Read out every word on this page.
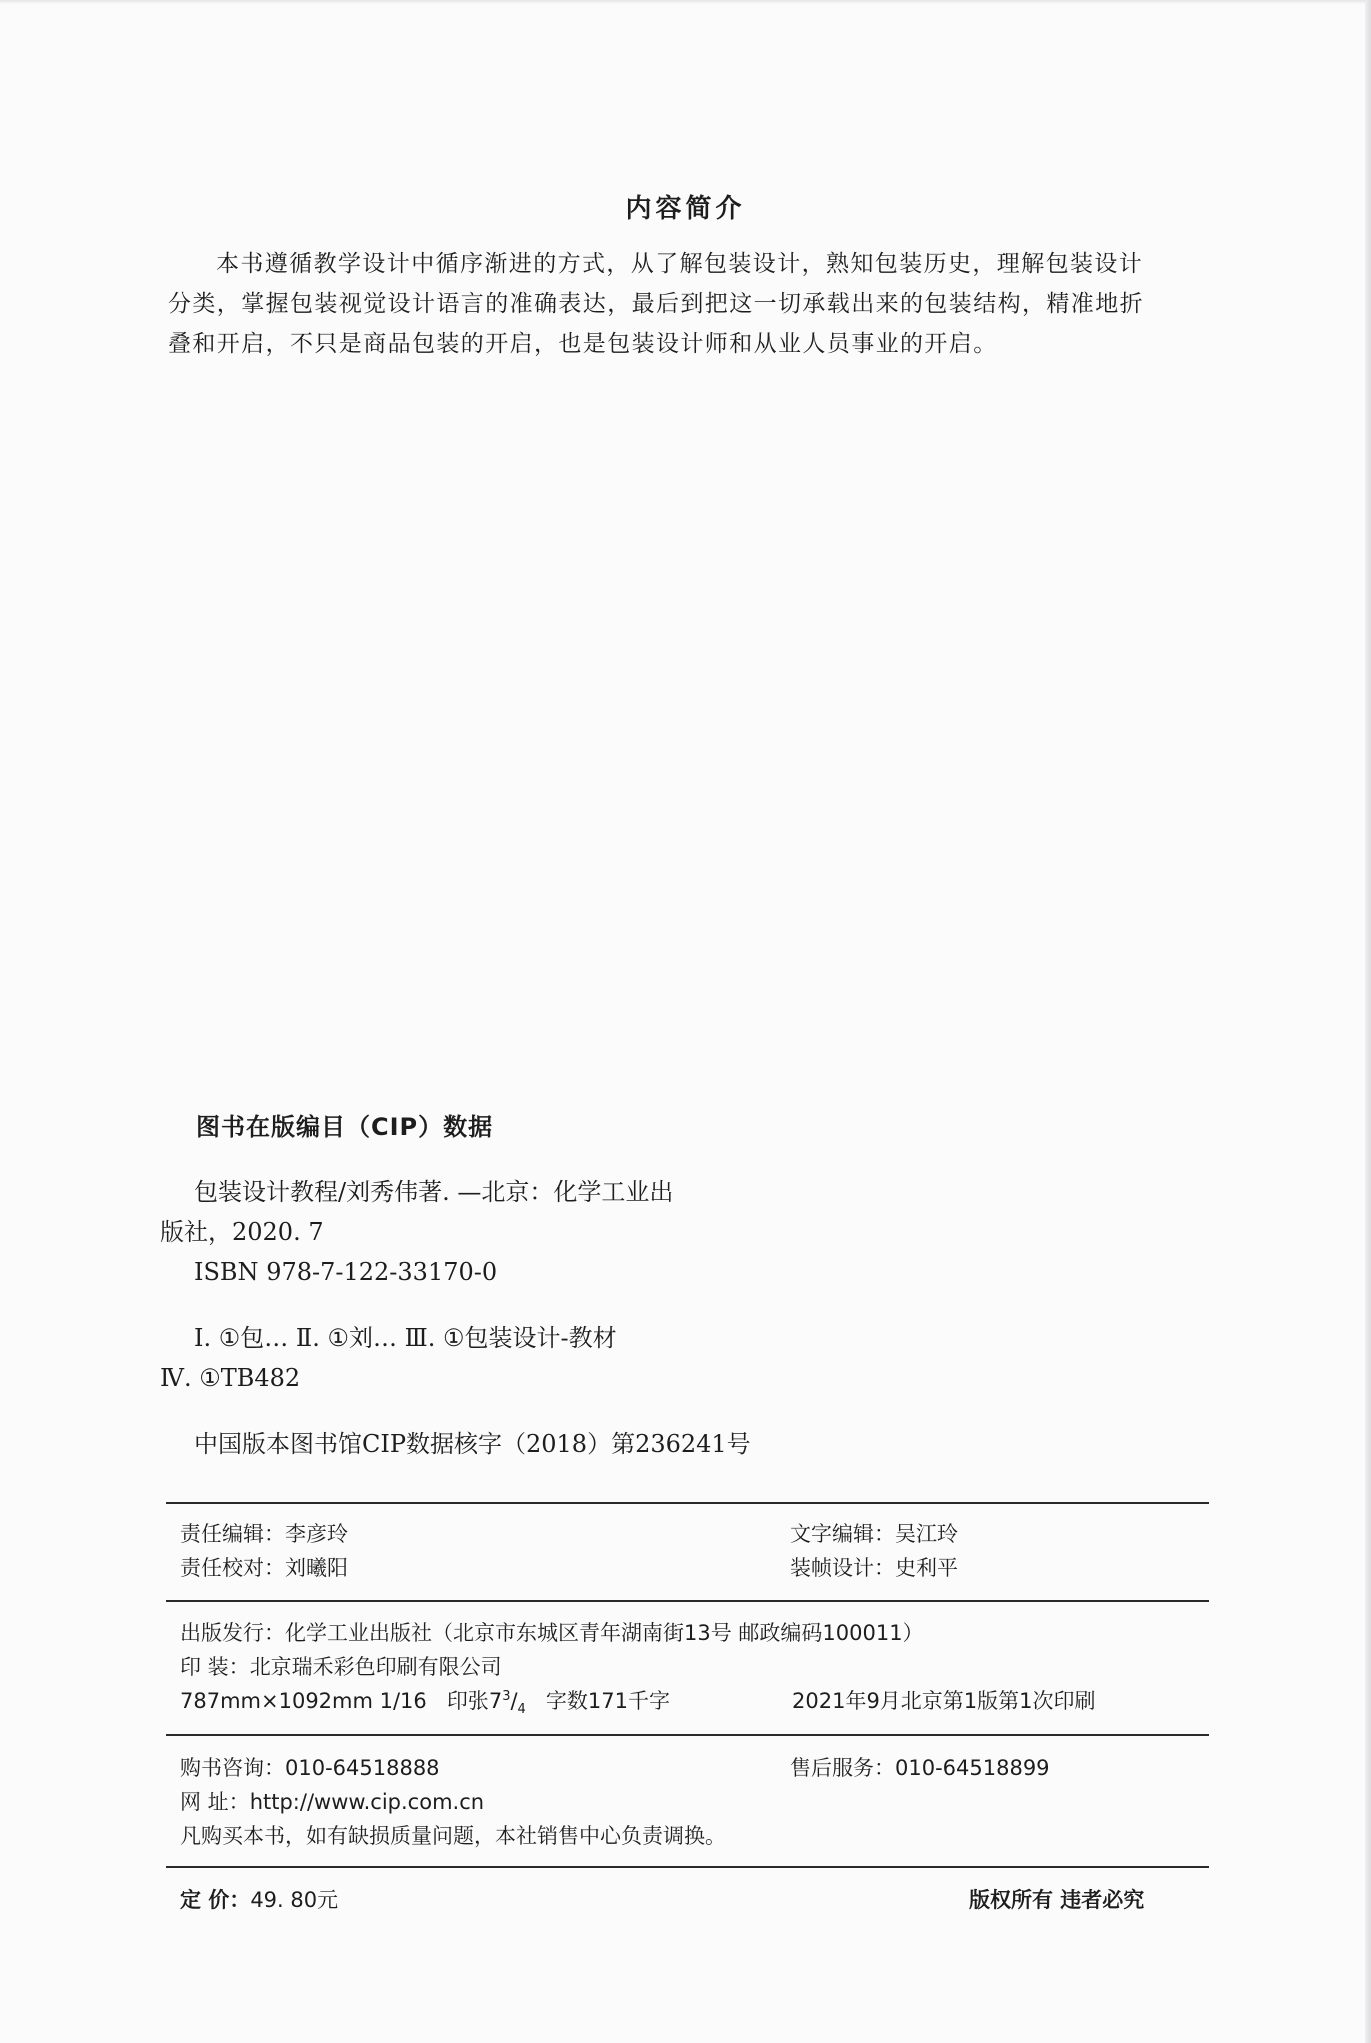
内容简介

本书遵循教学设计中循序渐进的方式，从了解包装设计，熟知包装历史，理解包装设计

分类，掌握包装视觉设计语言的准确表达，最后到把这一切承载出来的包装结构，精准地折

叠和开启，不只是商品包装的开启，也是包装设计师和从业人员事业的开启。

图书在版编目（CIP）数据
包装设计教程/刘秀伟著. —北京：化学工业出
版社，2020. 7
ISBN 978-7-122-33170-0
Ⅰ. ①包… Ⅱ. ①刘… Ⅲ. ①包装设计-教材
Ⅳ. ①TB482
中国版本图书馆CIP数据核字（2018）第236241号
责任编辑：李彦玲	文字编辑：吴江玲
责任校对：刘曦阳	装帧设计：史利平
出版发行：化学工业出版社（北京市东城区青年湖南街13号 邮政编码100011）
印 装：北京瑞禾彩色印刷有限公司
787mm×1092mm 1/16 印张$7^3/_4$ 字数171千字	2021年9月北京第1版第1次印刷
购书咨询：010-64518888	售后服务：010-64518899
网 址：http://www.cip.com.cn
凡购买本书，如有缺损质量问题，本社销售中心负责调换。
定 价：49. 80元	版权所有 违者必究
